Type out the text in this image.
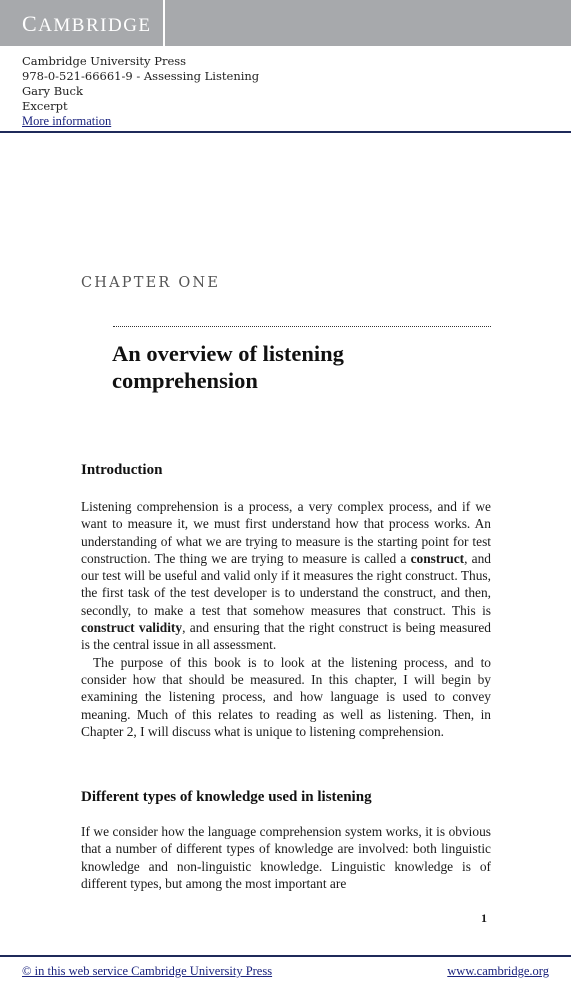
CAMBRIDGE
Cambridge University Press
978-0-521-66661-9 - Assessing Listening
Gary Buck
Excerpt
More information
CHAPTER ONE
An overview of listening
comprehension
Introduction

Listening comprehension is a process, a very complex process, and if we want to measure it, we must first understand how that process works. An understanding of what we are trying to measure is the starting point for test construction. The thing we are trying to measure is called a construct, and our test will be useful and valid only if it measures the right construct. Thus, the first task of the test developer is to understand the construct, and then, secondly, to make a test that somehow measures that construct. This is construct validity, and ensuring that the right construct is being measured is the central issue in all assessment.

The purpose of this book is to look at the listening process, and to consider how that should be measured. In this chapter, I will begin by examining the listening process, and how language is used to convey meaning. Much of this relates to reading as well as listening. Then, in Chapter 2, I will discuss what is unique to listening comprehension.

Different types of knowledge used in listening

If we consider how the language comprehension system works, it is obvious that a number of different types of knowledge are involved: both linguistic knowledge and non-linguistic knowledge. Linguistic knowledge is of different types, but among the most important are

1
© in this web service Cambridge University Press	www.cambridge.org
